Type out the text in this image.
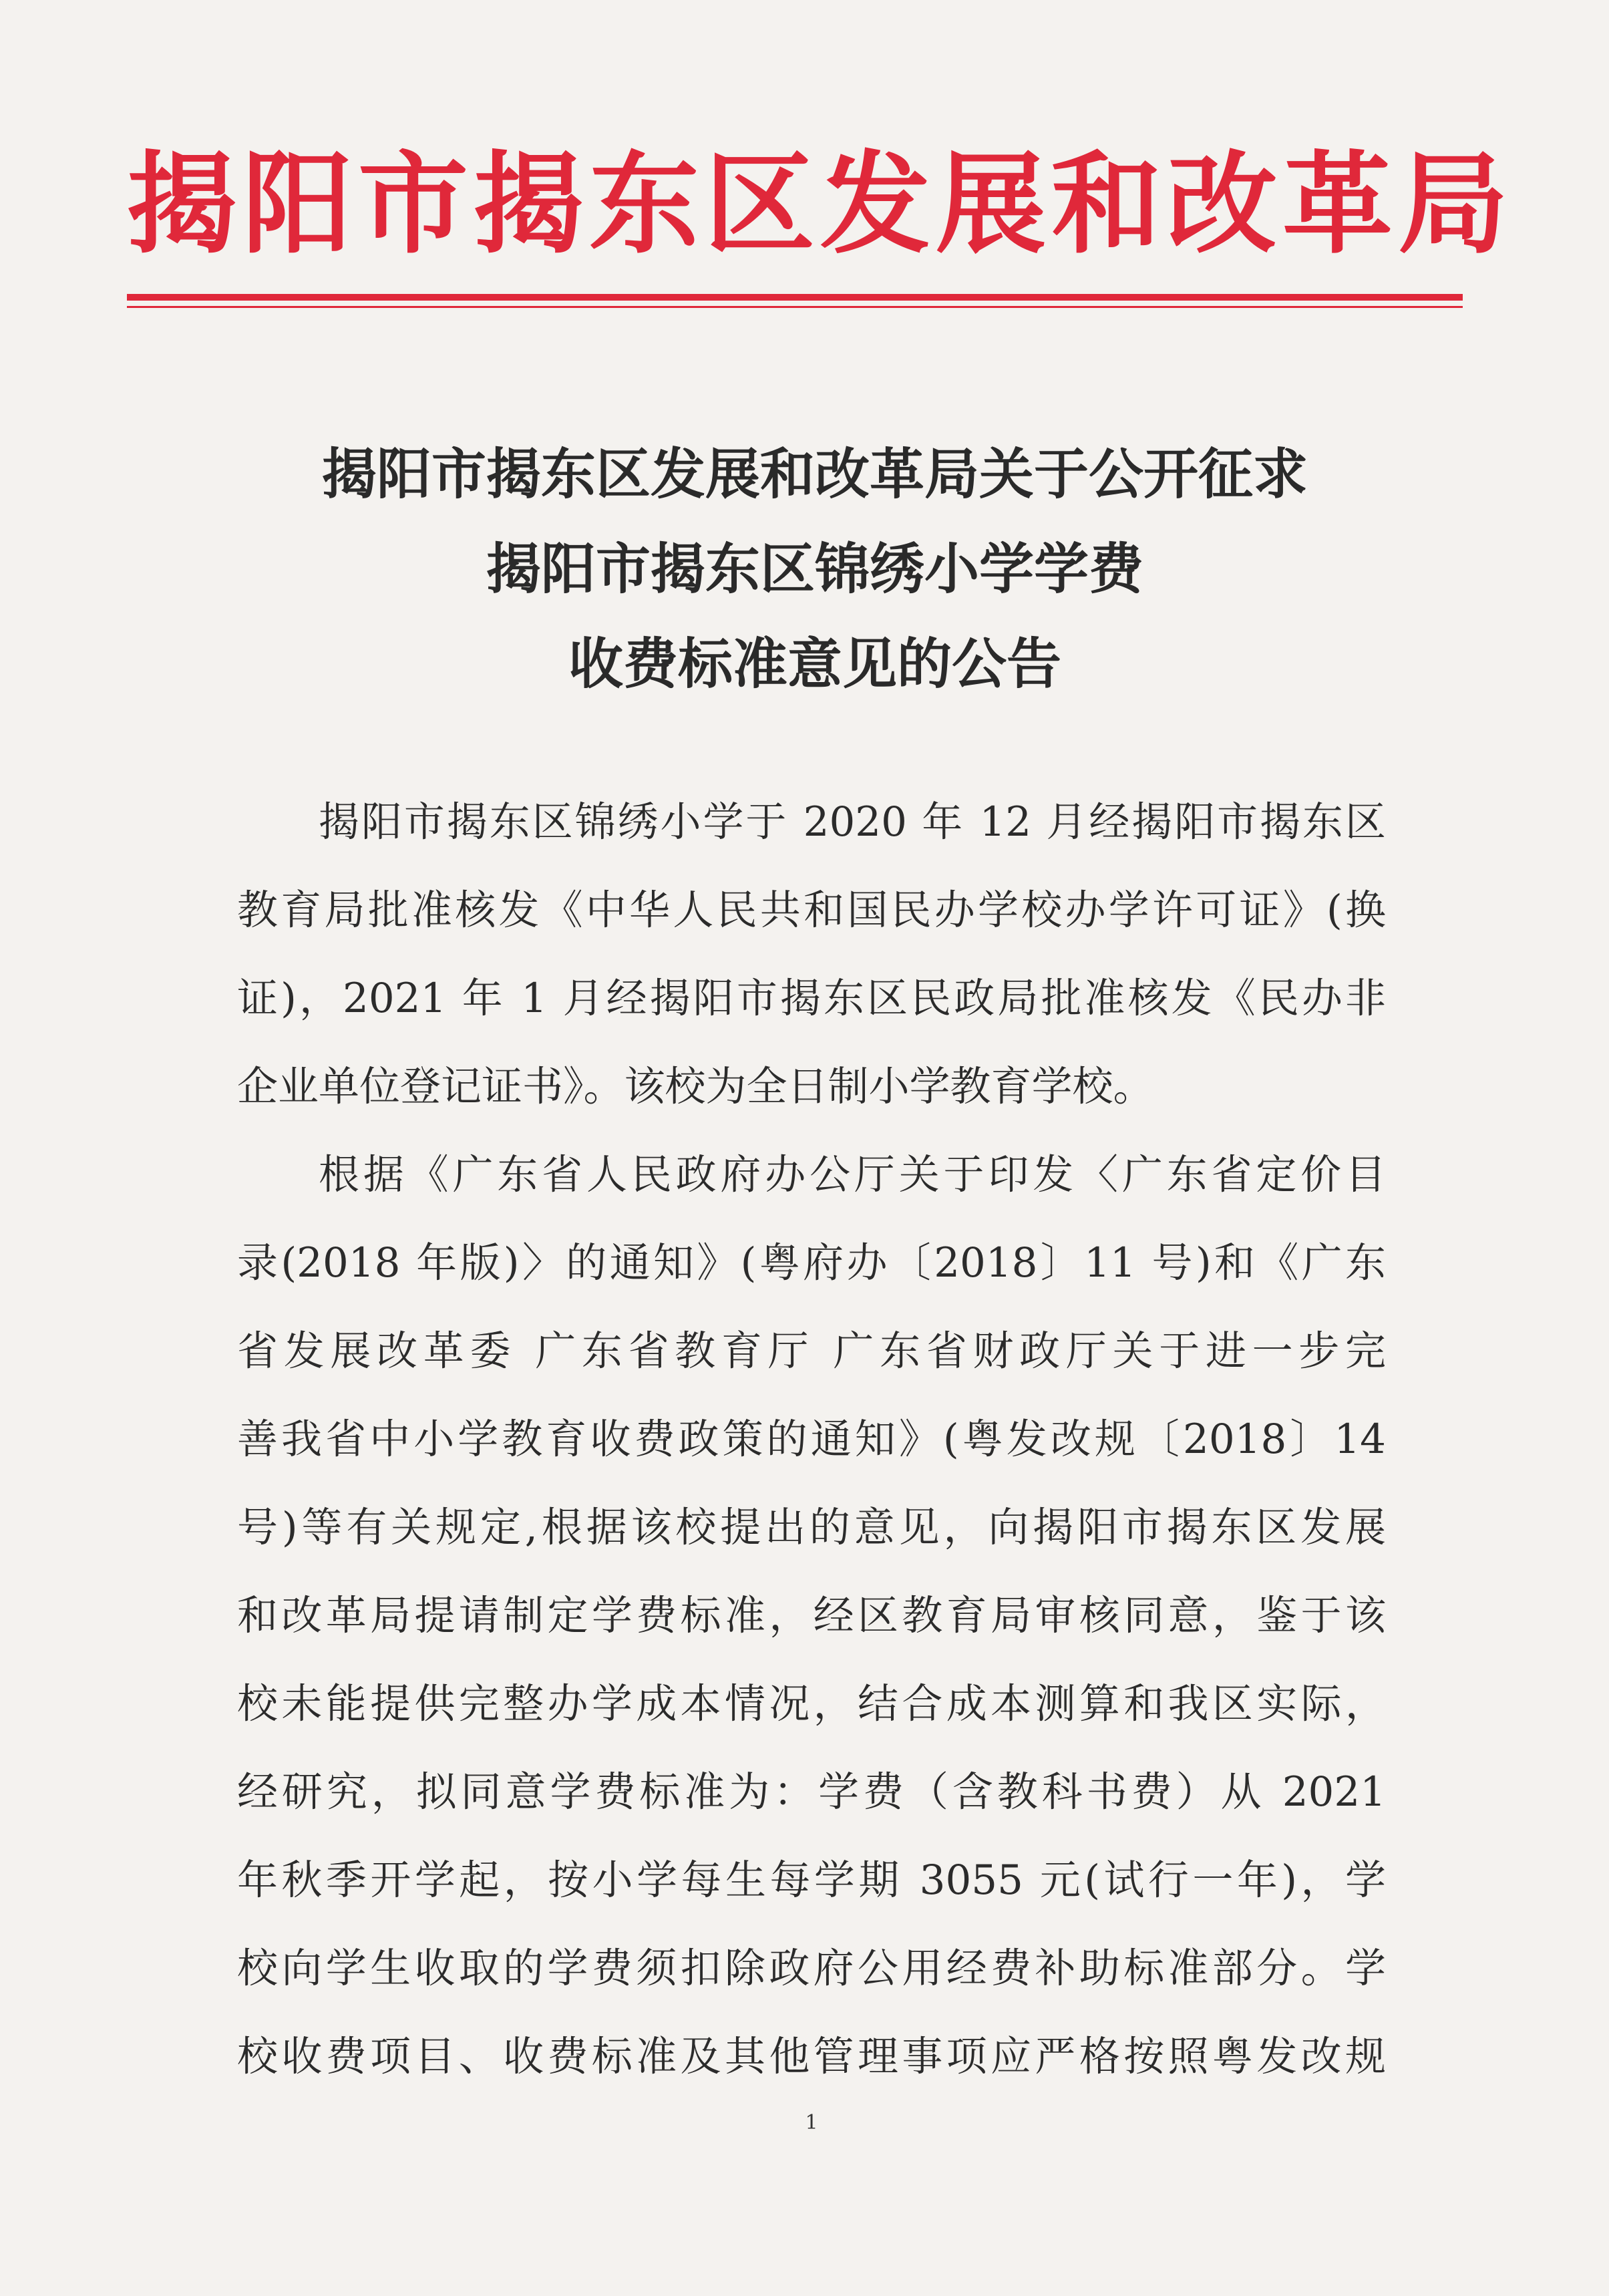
揭阳市揭东区发展和改革局
揭阳市揭东区发展和改革局关于公开征求
揭阳市揭东区锦绣小学学费
收费标准意见的公告
揭阳市揭东区锦绣小学于 2020 年 12 月经揭阳市揭东区
教育局批准核发《中华人民共和国民办学校办学许可证》(换
证)，2021 年 1 月经揭阳市揭东区民政局批准核发《民办非
企业单位登记证书》。该校为全日制小学教育学校。
根据《广东省人民政府办公厅关于印发〈广东省定价目
录(2018 年版)〉的通知》(粤府办〔2018〕11 号)和《广东
省发展改革委 广东省教育厅 广东省财政厅关于进一步完
善我省中小学教育收费政策的通知》(粤发改规〔2018〕14
号)等有关规定,根据该校提出的意见，向揭阳市揭东区发展
和改革局提请制定学费标准，经区教育局审核同意，鉴于该
校未能提供完整办学成本情况，结合成本测算和我区实际，
经研究，拟同意学费标准为：学费（含教科书费）从 2021
年秋季开学起，按小学每生每学期 3055 元(试行一年)，学
校向学生收取的学费须扣除政府公用经费补助标准部分。学
校收费项目、收费标准及其他管理事项应严格按照粤发改规
1
